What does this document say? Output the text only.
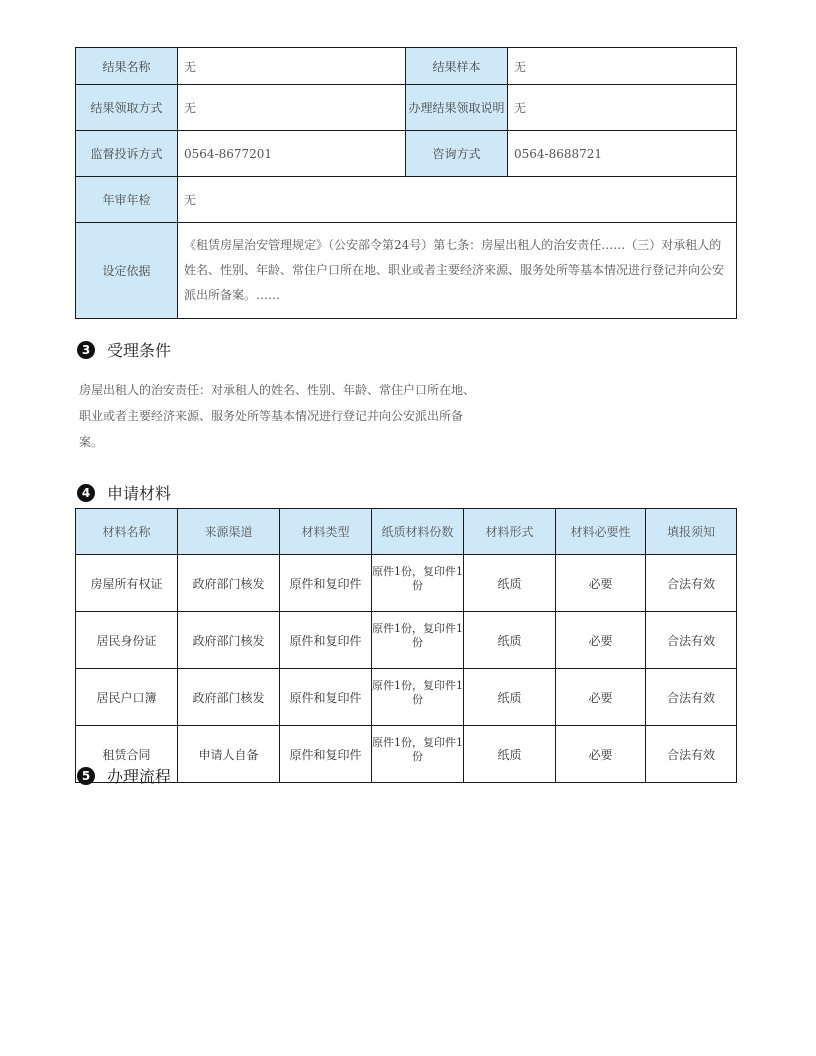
结果名称	无	结果样本	无
结果领取方式	无	办理结果领取说明	无
监督投诉方式	0564-8677201	咨询方式	0564-8688721
年审年检	无		
设定依据	《租赁房屋治安管理规定》（公安部令第24号）第七条：房屋出租人的治安责任……（三）对承租人的姓名、性别、年龄、常住户口所在地、职业或者主要经济来源、服务处所等基本情况进行登记并向公安派出所备案。……		
3	受理条件

房屋出租人的治安责任：对承租人的姓名、性别、年龄、常住户口所在地、职业或者主要经济来源、服务处所等基本情况进行登记并向公安派出所备案。

4	申请材料
材料名称	来源渠道	材料类型	纸质材料份数	材料形式	材料必要性	填报须知
房屋所有权证	政府部门核发	原件和复印件	原件1份，复印件1份	纸质	必要	合法有效
居民身份证	政府部门核发	原件和复印件	原件1份，复印件1份	纸质	必要	合法有效
居民户口簿	政府部门核发	原件和复印件	原件1份，复印件1份	纸质	必要	合法有效
租赁合同	申请人自备	原件和复印件	原件1份，复印件1份	纸质	必要	合法有效
5	办理流程
